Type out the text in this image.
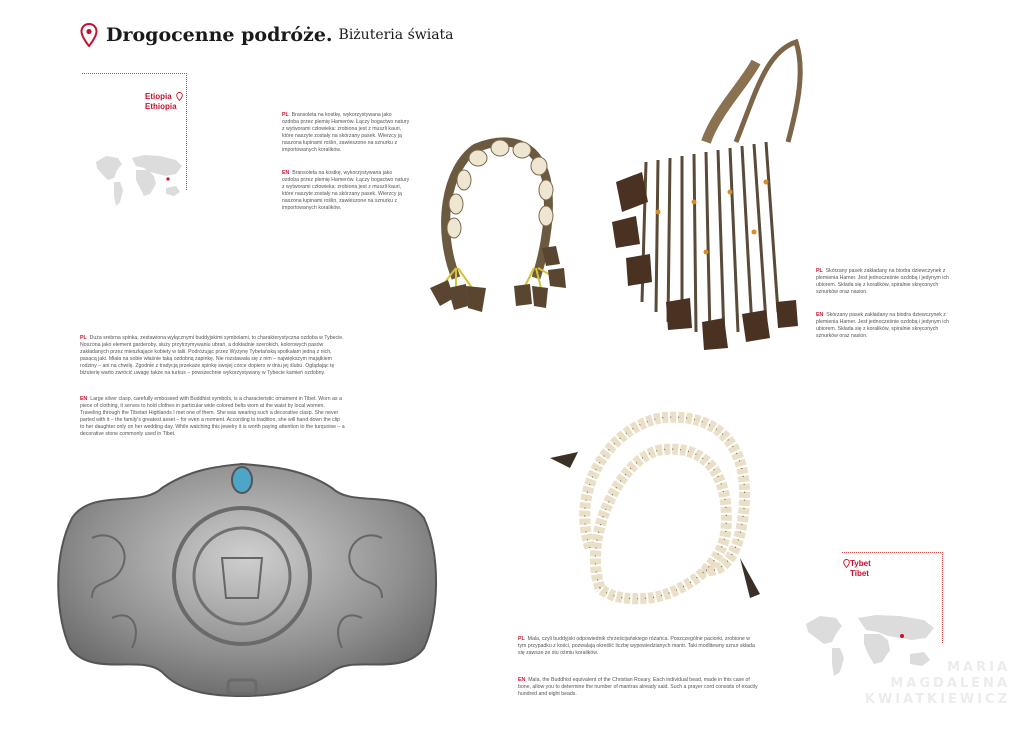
Drogocenne podróże. Biżuteria świata
Etiopia
Ethiopia
PL Bransoleta na kostkę, wykorzystywana jako ozdoba przez plemię Hamerów. Łączy bogactwo natury z wytworami człowieka: zrobiona jest z muszli kauri, które naszyte zostały na skórzany pasek. Wierzcy ją naszona łupinami roślin, zawieszone na sznurku z importowanych koralików.
EN Bransoleta na kostkę, wykorzystywana jako ozdoba przez plemię Hamerów. Łączy bogactwo natury z wytworami człowieka: zrobiona jest z muszli kauri, które naszyte zostały na skórzany pasek. Wierzcy ją naszona łupinami roślin, zawieszone na sznurku z importowanych koralików.
PL Skórzany pasek zakładany na biodra dziewczynek z plemienia Hamer. Jest jednocześnie ozdobą i jedynym ich ubiorem. Składa się z koralików, spiralnie skręconych sznurków oraz nasion.
EN Skórzany pasek zakładany na biodra dziewczynek z plemienia Hamer. Jest jednocześnie ozdobą i jedynym ich ubiorem. Składa się z koralików, spiralnie skręconych sznurków oraz nasion.
PL Duża srebrna spinka, zestawiona wyłącznymi buddyjskimi symbolami, to charakterystyczna ozdoba w Tybecie. Noszona jako element garderoby, służy przytrzymywaniu ubrań, a dokładnie szerokich, kolorowych pasów zakładanych przez mieszkające kobiety w talii. Podróżując przez Wyżynę Tybetańską spotkałam jedną z nich, pasącą jaki. Miała na sobie właśnie taką ozdobną zapinkę. Nie rozstawała się z nim – największym majątkiem rodziny – ani na chwilę. Zgodnie z tradycją przekaże spinkę swojej córce dopiero w dniu jej ślubu. Oglądając tę biżuterię warto zwrócić uwagę także na turkus – powszechnie wykorzystywany w Tybecie kamień ozdobny.
EN Large silver clasp, carefully embossed with Buddhist symbols, is a characteristic ornament in Tibet. Worn as a piece of clothing, it serves to hold clothes in particular wide colored belts worn at the waist by local women. Traveling through the Tibetan Highlands I met one of them. She was wearing such a decorative clasp. She never parted with it – the family's greatest asset – for even a moment. According to tradition, she will hand down the clip to her daughter only on her wedding day. While watching this jewelry it is worth paying attention to the turquoise – a decorative stone commonly used in Tibet.
Tybet
Tibet
PL Mala, czyli buddyjski odpowiednik chrześcijańskiego różańca. Poszczególne paciorki, zrobione w tym przypadku z kości, pozwalają określić liczbę wypowiedzianych mantr. Taki modlitewny sznur składa się zawsze ze stu ośmiu koralików.
EN Mala, the Buddhist equivalent of the Christian Rosary. Each individual bead, made in this case of bone, allow you to determine the number of mantras already said. Such a prayer cord consists of exactly hundred and eight beads.
MARIA
MAGDALENA
KWIATKIEWICZ
